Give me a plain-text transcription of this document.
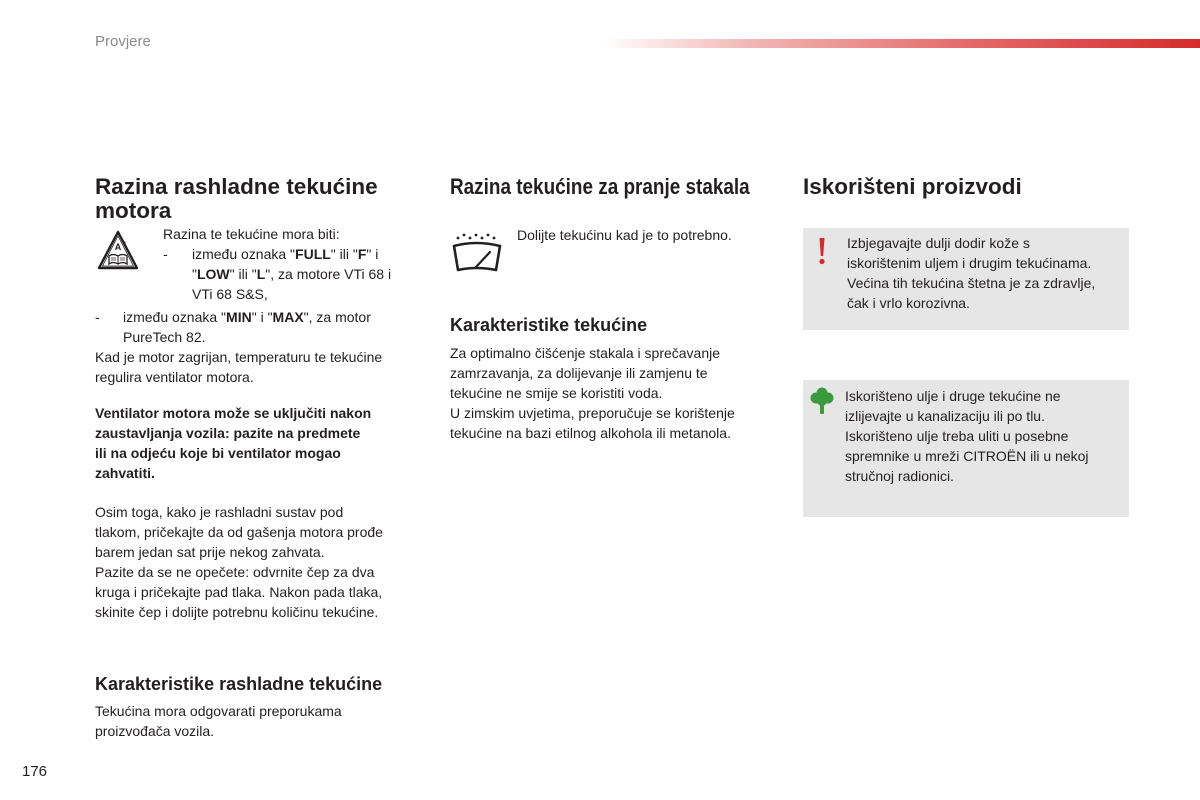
Provjere
Razina rashladne tekućine
motora
A !

Razina te tekućine mora biti:

- između oznaka "FULL" ili "F" i
"LOW" ili "L", za motore VTi 68 i
VTi 68 S&S,

- između oznaka "MIN" i "MAX", za motor
PureTech 82.

Kad je motor zagrijan, temperaturu te tekućine
regulira ventilator motora.

Ventilator motora može se uključiti nakon
zaustavljanja vozila: pazite na predmete
ili na odjeću koje bi ventilator mogao
zahvatiti.

Osim toga, kako je rashladni sustav pod
tlakom, pričekajte da od gašenja motora prođe
barem jedan sat prije nekog zahvata.
Pazite da se ne opečete: odvrnite čep za dva
kruga i pričekajte pad tlaka. Nakon pada tlaka,
skinite čep i dolijte potrebnu količinu tekućine.

Karakteristike rashladne tekućine

Tekućina mora odgovarati preporukama
proizvođača vozila.

Razina tekućine za pranje stakala

Dolijte tekućinu kad je to potrebno.

Karakteristike tekućine

Za optimalno čišćenje stakala i sprečavanje
zamrzavanja, za dolijevanje ili zamjenu te
tekućine ne smije se koristiti voda.
U zimskim uvjetima, preporučuje se korištenje
tekućine na bazi etilnog alkohola ili metanola.

Iskorišteni proizvodi

Izbjegavajte dulji dodir kože s
iskorištenim uljem i drugim tekućinama.
Većina tih tekućina štetna je za zdravlje,
čak i vrlo korozivna.

Iskorišteno ulje i druge tekućine ne
izlijevajte u kanalizaciju ili po tlu.
Iskorišteno ulje treba uliti u posebne
spremnike u mreži CITROËN ili u nekoj
stručnoj radionici.

176
